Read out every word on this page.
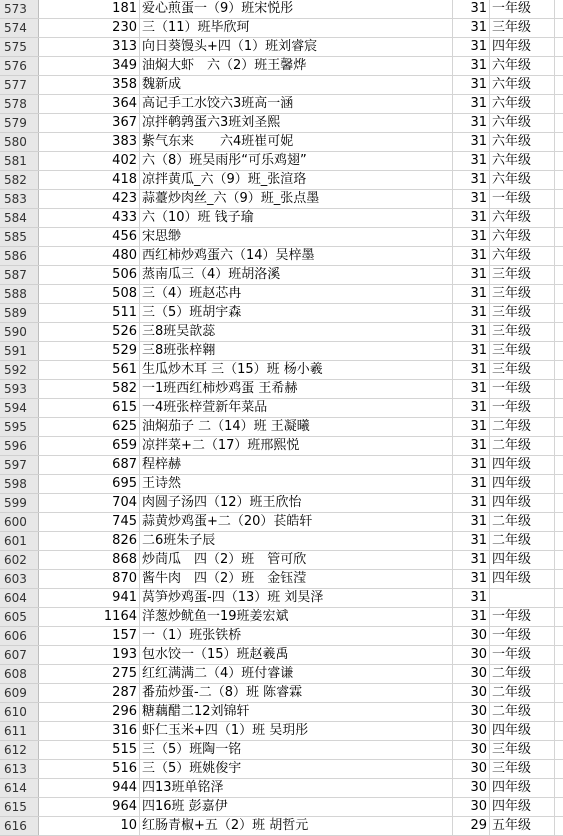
573	181	爱心煎蛋一（9）班宋悦彤	31	一年级	
574	230	三（11）班毕欣珂	31	三年级	
575	313	向日葵馒头+四（1）班刘睿宸	31	四年级	
576	349	油焖大虾　六（2）班王馨烨	31	六年级	
577	358	魏新成	31	六年级	
578	364	高记手工水饺六3班高一涵	31	六年级	
579	367	凉拌鹌鹑蛋六3班刘圣熙	31	六年级	
580	383	紫气东来　　六4班崔可妮	31	六年级	
581	402	六（8）班吴雨彤“可乐鸡翅”	31	六年级	
582	418	凉拌黄瓜_六（9）班_张渲珞	31	六年级	
583	423	蒜薹炒肉丝_六（9）班_张点墨	31	一年级	
584	433	六（10）班 钱子瑜	31	六年级	
585	456	宋思缈	31	六年级	
586	480	西红柿炒鸡蛋六（14）吴梓墨	31	六年级	
587	506	蒸南瓜三（4）班胡洛溪	31	三年级	
588	508	三（4）班赵芯冉	31	三年级	
589	511	三（5）班胡宇森	31	三年级	
590	526	三8班吴歆蕊	31	三年级	
591	529	三8班张梓翱	31	三年级	
592	561	生瓜炒木耳 三（15）班 杨小羲	31	三年级	
593	582	一1班西红柿炒鸡蛋 王希赫	31	一年级	
594	615	一4班张梓萱新年菜品	31	一年级	
595	625	油焖茄子 二（14）班 王凝曦	31	二年级	
596	659	凉拌菜+二（17）班邢熙悦	31	二年级	
597	687	程梓赫	31	四年级	
598	695	王诗然	31	四年级	
599	704	肉圆子汤四（12）班王欣怡	31	四年级	
600	745	蒜黄炒鸡蛋+二（20）苌皓轩	31	二年级	
601	826	二6班朱子辰	31	二年级	
602	868	炒茼瓜　四（2）班　管可欣	31	四年级	
603	870	酱牛肉　四（2）班　金钰滢	31	四年级	
604	941	莴笋炒鸡蛋-四（13）班 刘昊泽	31		
605	1164	洋葱炒鱿鱼一19班姜宏斌	31	一年级	
606	157	一（1）班张铁桥	30	一年级	
607	193	包水饺一（15）班赵羲禹	30	一年级	
608	275	红红满满二（4）班付睿谦	30	二年级	
609	287	番茄炒蛋-二（8）班 陈睿霖	30	二年级	
610	296	糖藕醋二12刘锦轩	30	二年级	
611	316	虾仁玉米+四（1）班 吴玥彤	30	四年级	
612	515	三（5）班陶一铭	30	三年级	
613	516	三（5）班姚俊宇	30	三年级	
614	944	四13班单铭泽	30	四年级	
615	964	四16班 彭嘉伊	30	四年级	
616	10	红肠青椒+五（2）班 胡哲元	29	五年级	
